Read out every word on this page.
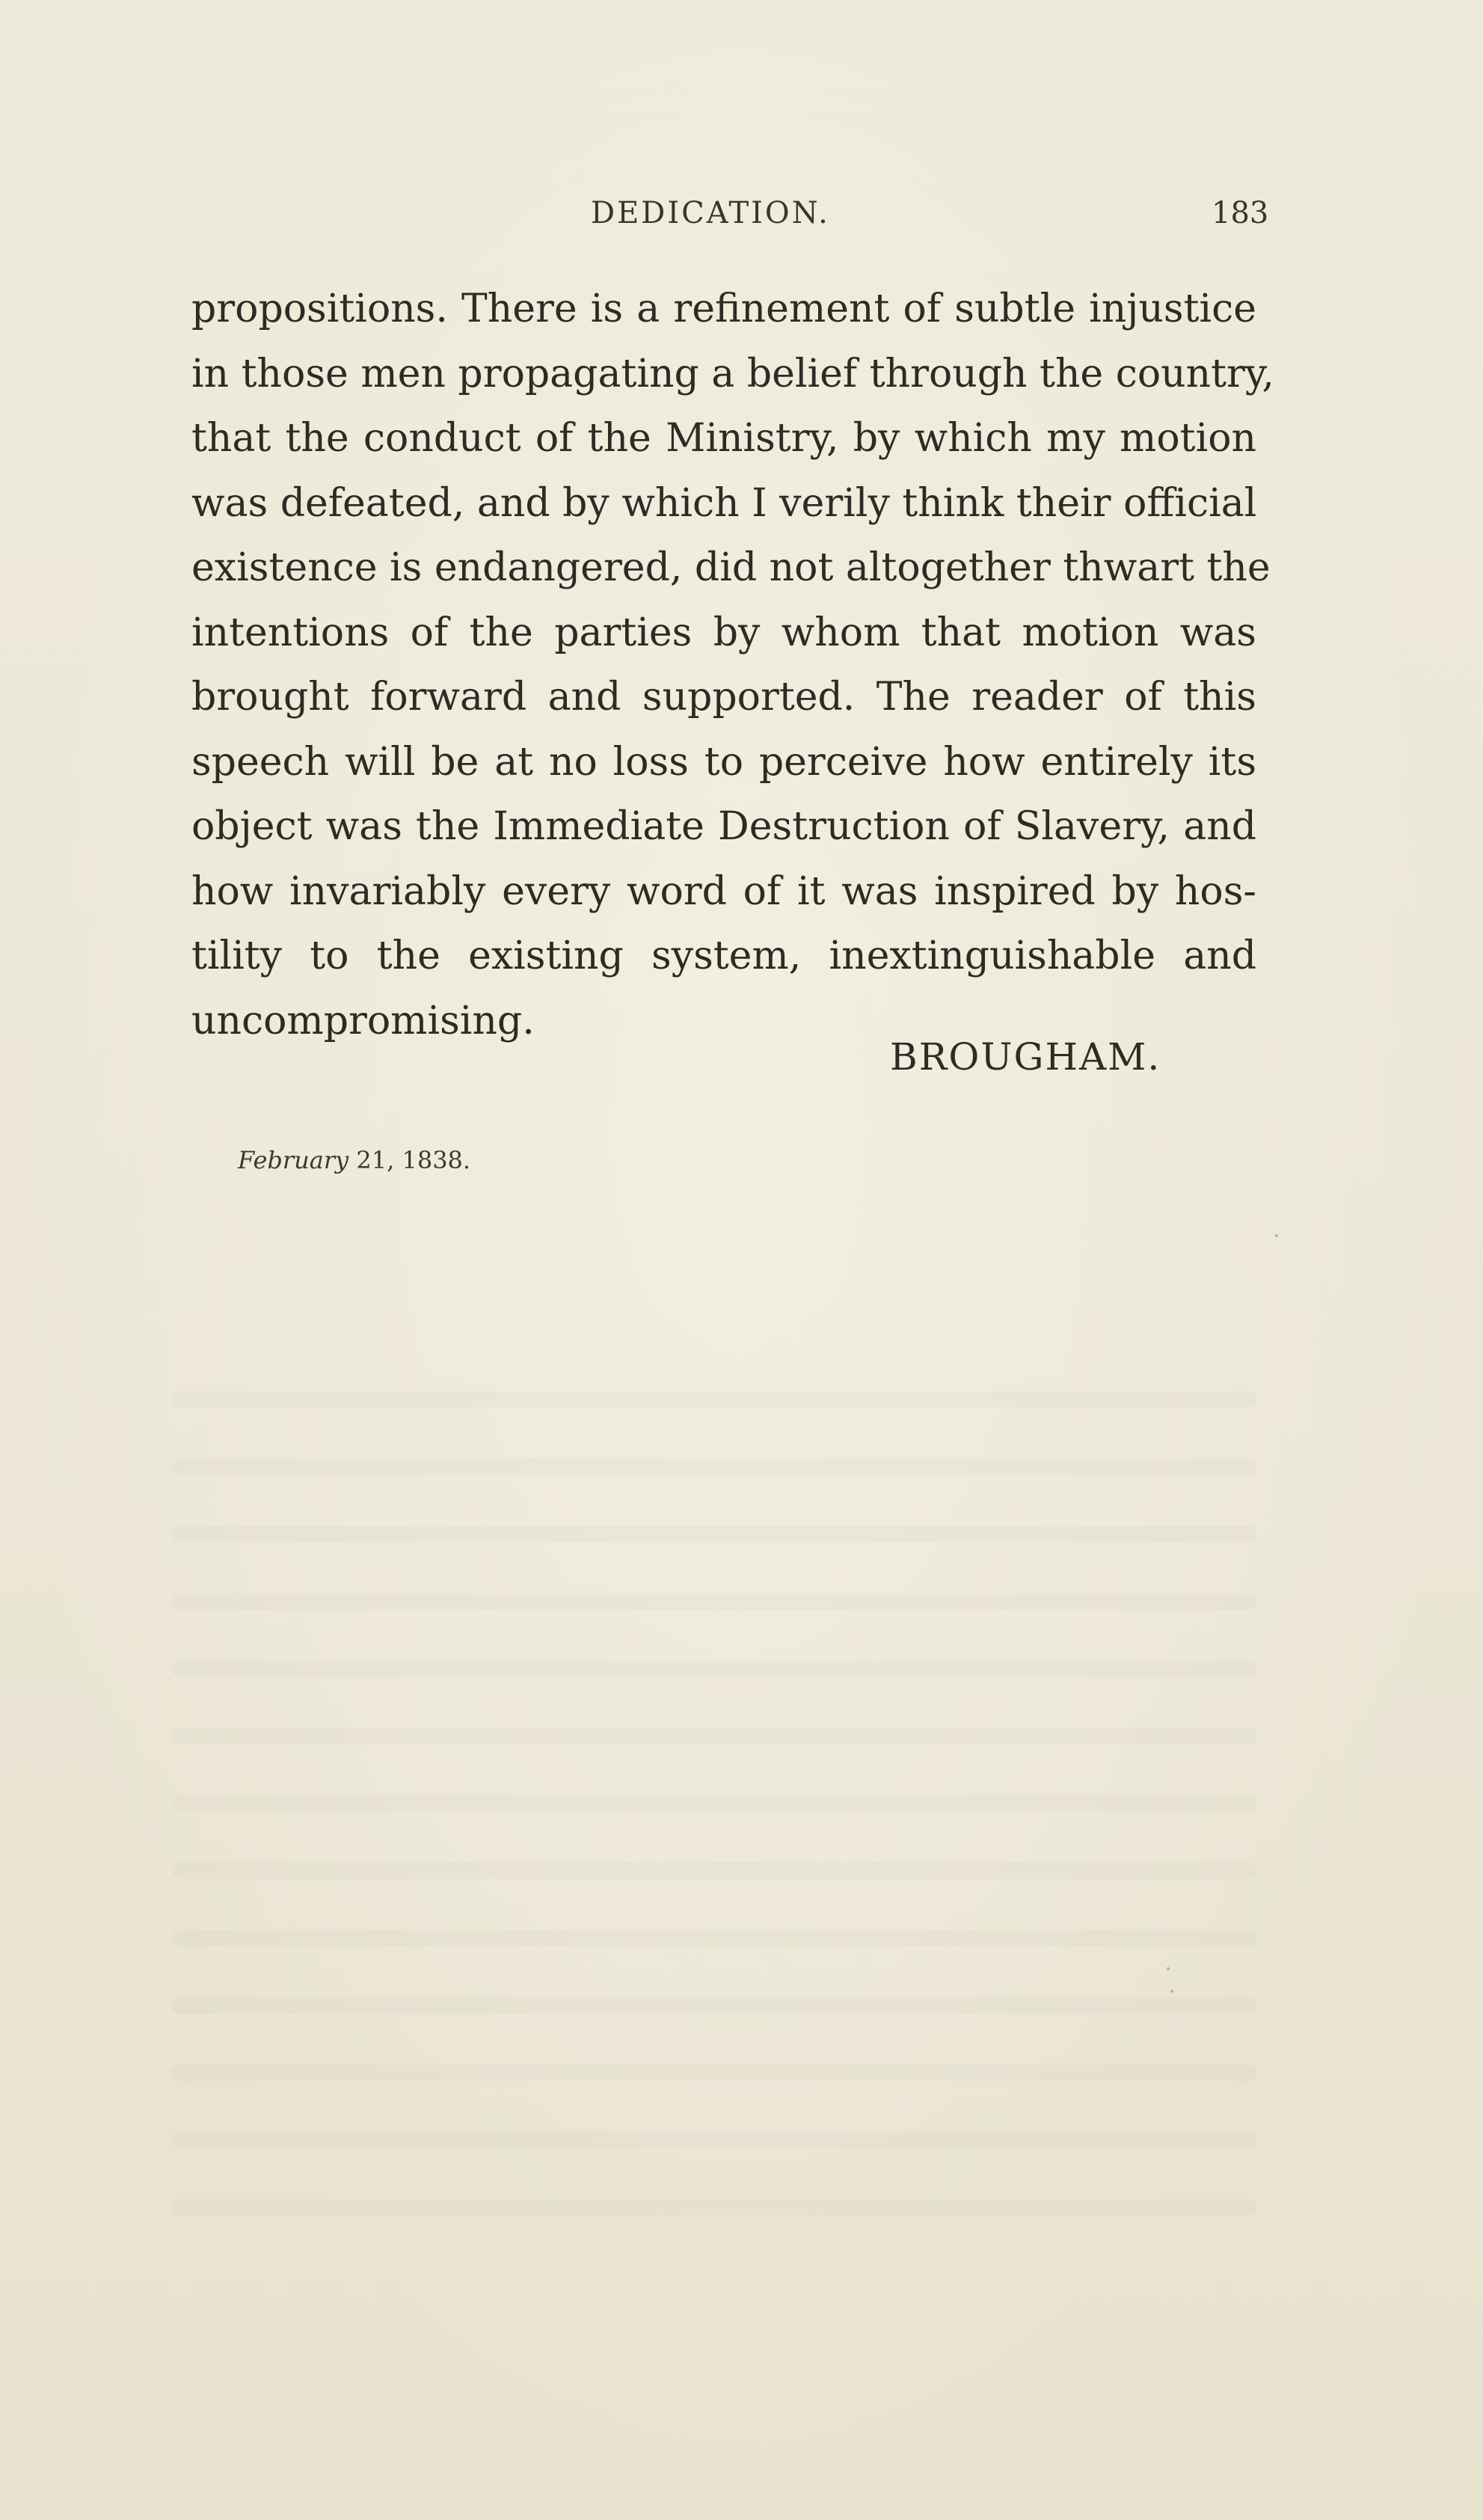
DEDICATION.	183
propositions. There is a refinement of subtle injustice
in those men propagating a belief through the country,
that the conduct of the Ministry, by which my motion
was defeated, and by which I verily think their official
existence is endangered, did not altogether thwart the
intentions of the parties by whom that motion was
brought forward and supported. The reader of this
speech will be at no loss to perceive how entirely its
object was the Immediate Destruction of Slavery, and
how invariably every word of it was inspired by hos-
tility to the existing system, inextinguishable and
uncompromising.
BROUGHAM.
February 21, 1838.
